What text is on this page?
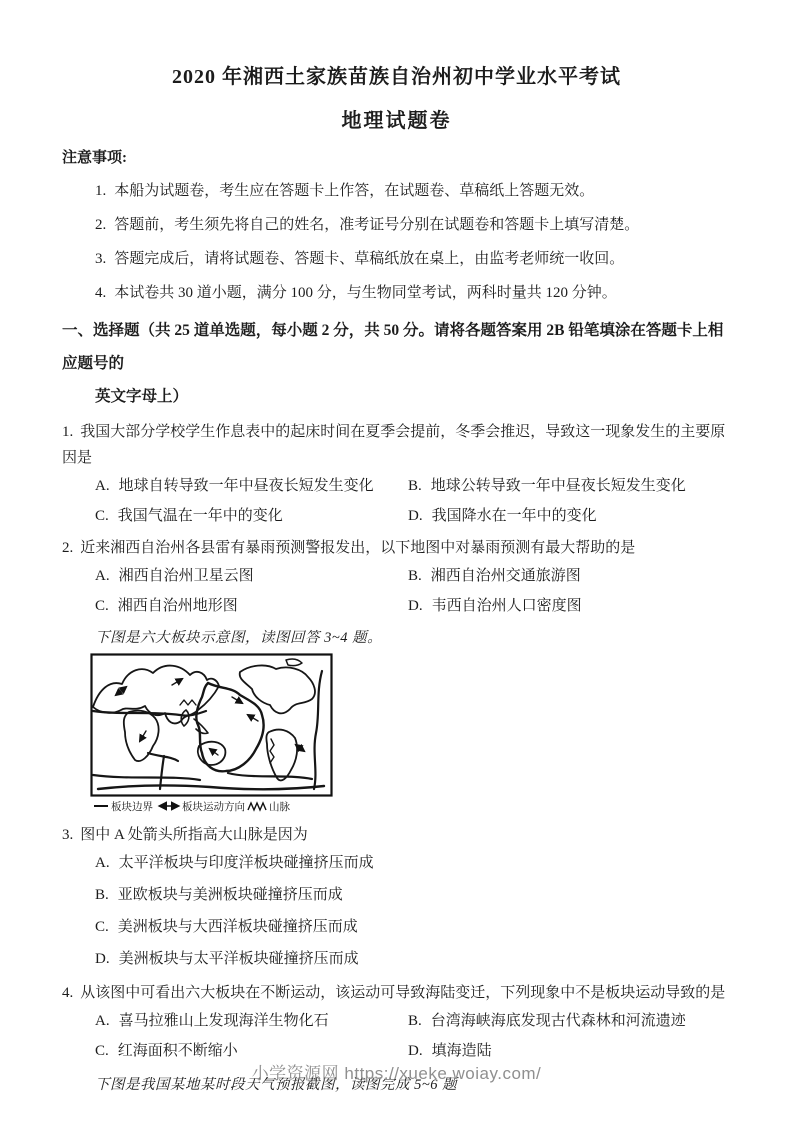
2020 年湘西土家族苗族自治州初中学业水平考试
地理试题卷
注意事项:
1. 本船为试题卷，考生应在答题卡上作答，在试题卷、草稿纸上答题无效。
2. 答题前，考生须先将自己的姓名，准考证号分别在试题卷和答题卡上填写清楚。
3. 答题完成后，请将试题卷、答题卡、草稿纸放在桌上，由监考老师统一收回。
4. 本试卷共 30 道小题，满分 100 分，与生物同堂考试，两科时量共 120 分钟。
一、选择题（共 25 道单选题，每小题 2 分，共 50 分。请将各题答案用 2B 铅笔填涂在答题卡上相应题号的
英文字母上）
1. 我国大部分学校学生作息表中的起床时间在夏季会提前，冬季会推迟，导致这一现象发生的主要原因是
A. 地球自转导致一年中昼夜长短发生变化	B. 地球公转导致一年中昼夜长短发生变化
C. 我国气温在一年中的变化	D. 我国降水在一年中的变化
2. 近来湘西自治州各县雷有暴雨预测警报发出，以下地图中对暴雨预测有最大帮助的是
A. 湘西自治州卫星云图	B. 湘西自治州交通旅游图
C. 湘西自治州地形图	D. 韦西自治州人口密度图
下图是六大板块示意图，读图回答 3~4 题。
板块边界	板块运动方向 山脉
3. 图中 A 处箭头所指高大山脉是因为
A. 太平洋板块与印度洋板块碰撞挤压而成
B. 亚欧板块与美洲板块碰撞挤压而成
C. 美洲板块与大西洋板块碰撞挤压而成
D. 美洲板块与太平洋板块碰撞挤压而成
4. 从该图中可看出六大板块在不断运动，该运动可导致海陆变迁，下列现象中不是板块运动导致的是
A. 喜马拉雅山上发现海洋生物化石	B. 台湾海峡海底发现古代森林和河流遗迹
C. 红海面积不断缩小	D. 填海造陆
下图是我国某地某时段天气预报截图，读图完成 5~6 题
小学资源网 https://xueke.woiay.com/
